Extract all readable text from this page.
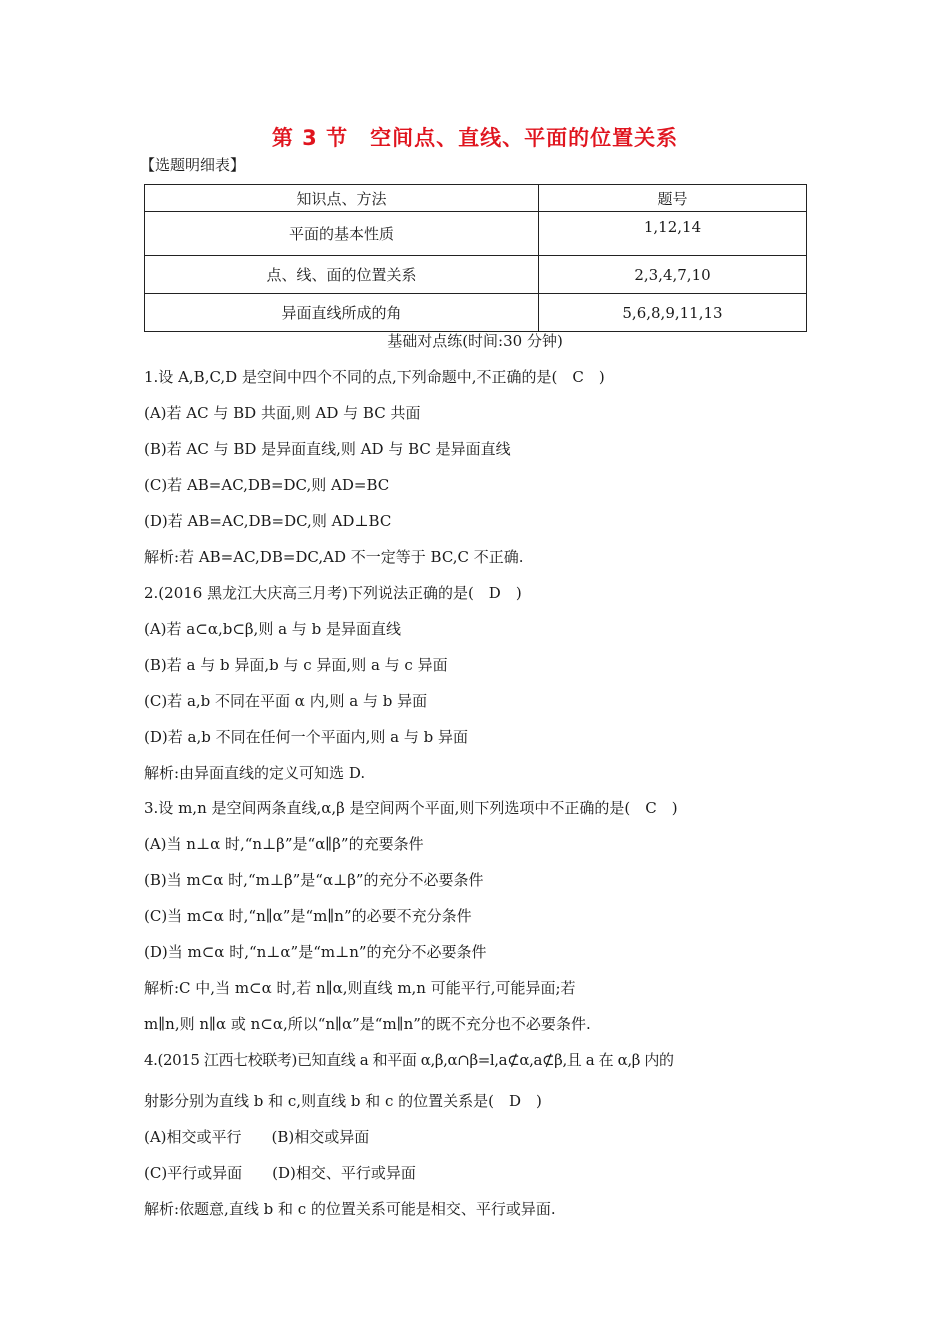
第 3 节　空间点、直线、平面的位置关系
【选题明细表】
知识点、方法	题号
平面的基本性质	1,12,14
点、线、面的位置关系	2,3,4,7,10
异面直线所成的角	5,6,8,9,11,13
基础对点练(时间:30 分钟)
1.设 A,B,C,D 是空间中四个不同的点,下列命题中,不正确的是(　C　)
(A)若 AC 与 BD 共面,则 AD 与 BC 共面
(B)若 AC 与 BD 是异面直线,则 AD 与 BC 是异面直线
(C)若 AB=AC,DB=DC,则 AD=BC
(D)若 AB=AC,DB=DC,则 AD⊥BC
解析:若 AB=AC,DB=DC,AD 不一定等于 BC,C 不正确.
2.(2016 黑龙江大庆高三月考)下列说法正确的是(　D　)
(A)若 a⊂α,b⊂β,则 a 与 b 是异面直线
(B)若 a 与 b 异面,b 与 c 异面,则 a 与 c 异面
(C)若 a,b 不同在平面 α 内,则 a 与 b 异面
(D)若 a,b 不同在任何一个平面内,则 a 与 b 异面
解析:由异面直线的定义可知选 D.
3.设 m,n 是空间两条直线,α,β 是空间两个平面,则下列选项中不正确的是(　C　)
(A)当 n⊥α 时,“n⊥β”是“α∥β”的充要条件
(B)当 m⊂α 时,“m⊥β”是“α⊥β”的充分不必要条件
(C)当 m⊂α 时,“n∥α”是“m∥n”的必要不充分条件
(D)当 m⊂α 时,“n⊥α”是“m⊥n”的充分不必要条件
解析:C 中,当 m⊂α 时,若 n∥α,则直线 m,n 可能平行,可能异面;若
m∥n,则 n∥α 或 n⊂α,所以“n∥α”是“m∥n”的既不充分也不必要条件.
4.(2015 江西七校联考)已知直线 a 和平面 α,β,α∩β=l,a⊄α,a⊄β,且 a 在 α,β 内的
射影分别为直线 b 和 c,则直线 b 和 c 的位置关系是(　D　)
(A)相交或平行　　(B)相交或异面
(C)平行或异面　　(D)相交、平行或异面
解析:依题意,直线 b 和 c 的位置关系可能是相交、平行或异面.
